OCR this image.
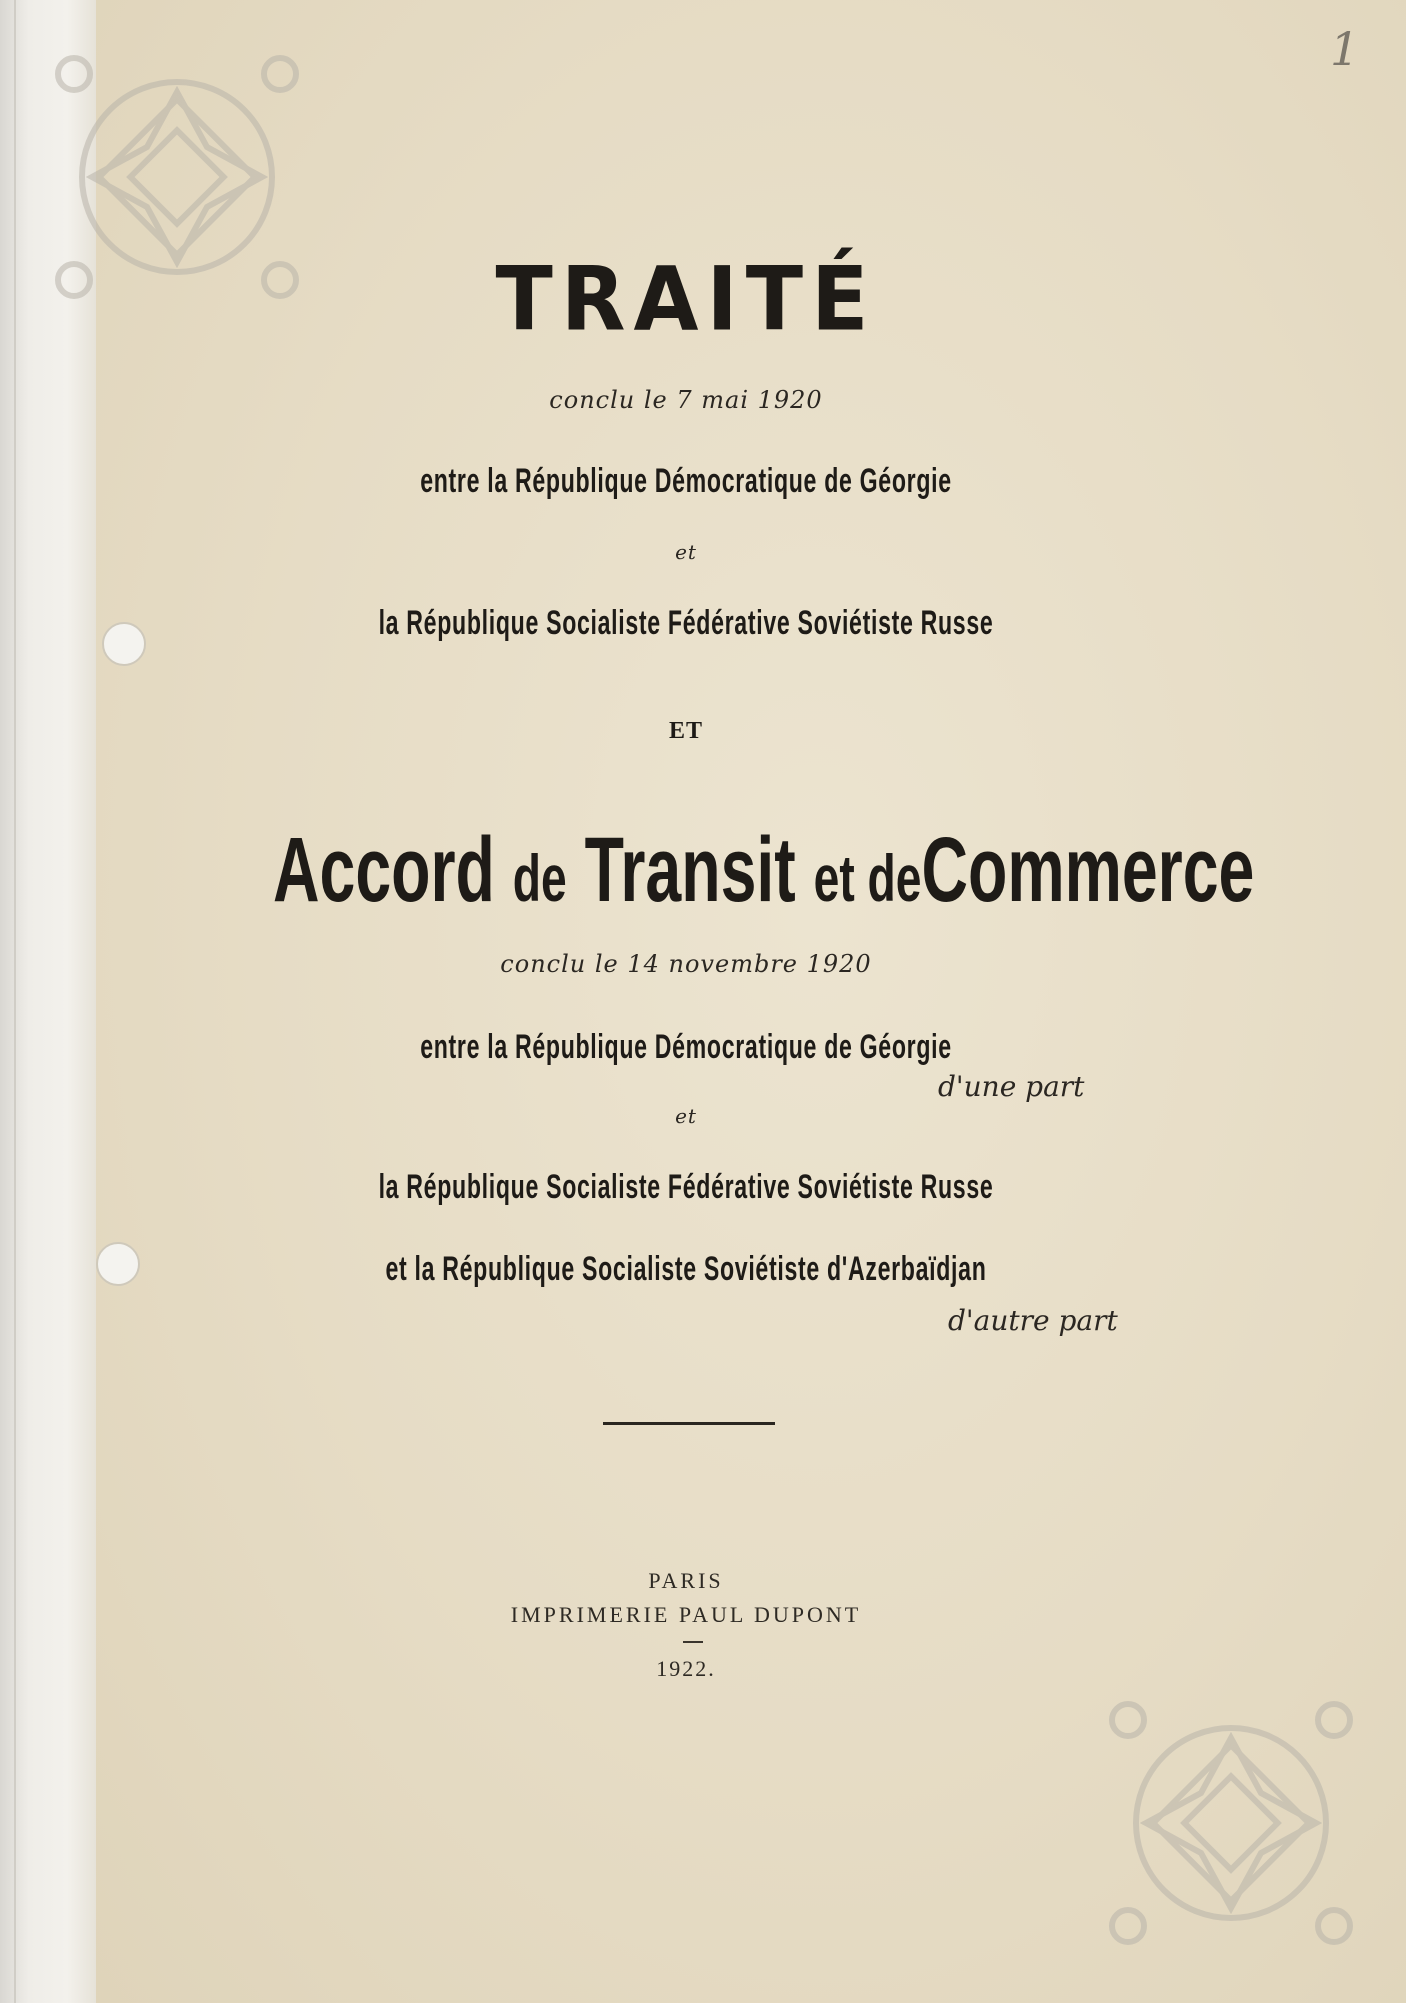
1
TRAITÉ
conclu le 7 mai 1920
entre la République Démocratique de Géorgie
et
la République Socialiste Fédérative Soviétiste Russe
ET
Accord de Transit et deCommerce
conclu le 14 novembre 1920
entre la République Démocratique de Géorgie
d'une part
et
la République Socialiste Fédérative Soviétiste Russe
et la République Socialiste Soviétiste d'Azerbaïdjan
d'autre part
PARIS
IMPRIMERIE PAUL DUPONT
1922.
